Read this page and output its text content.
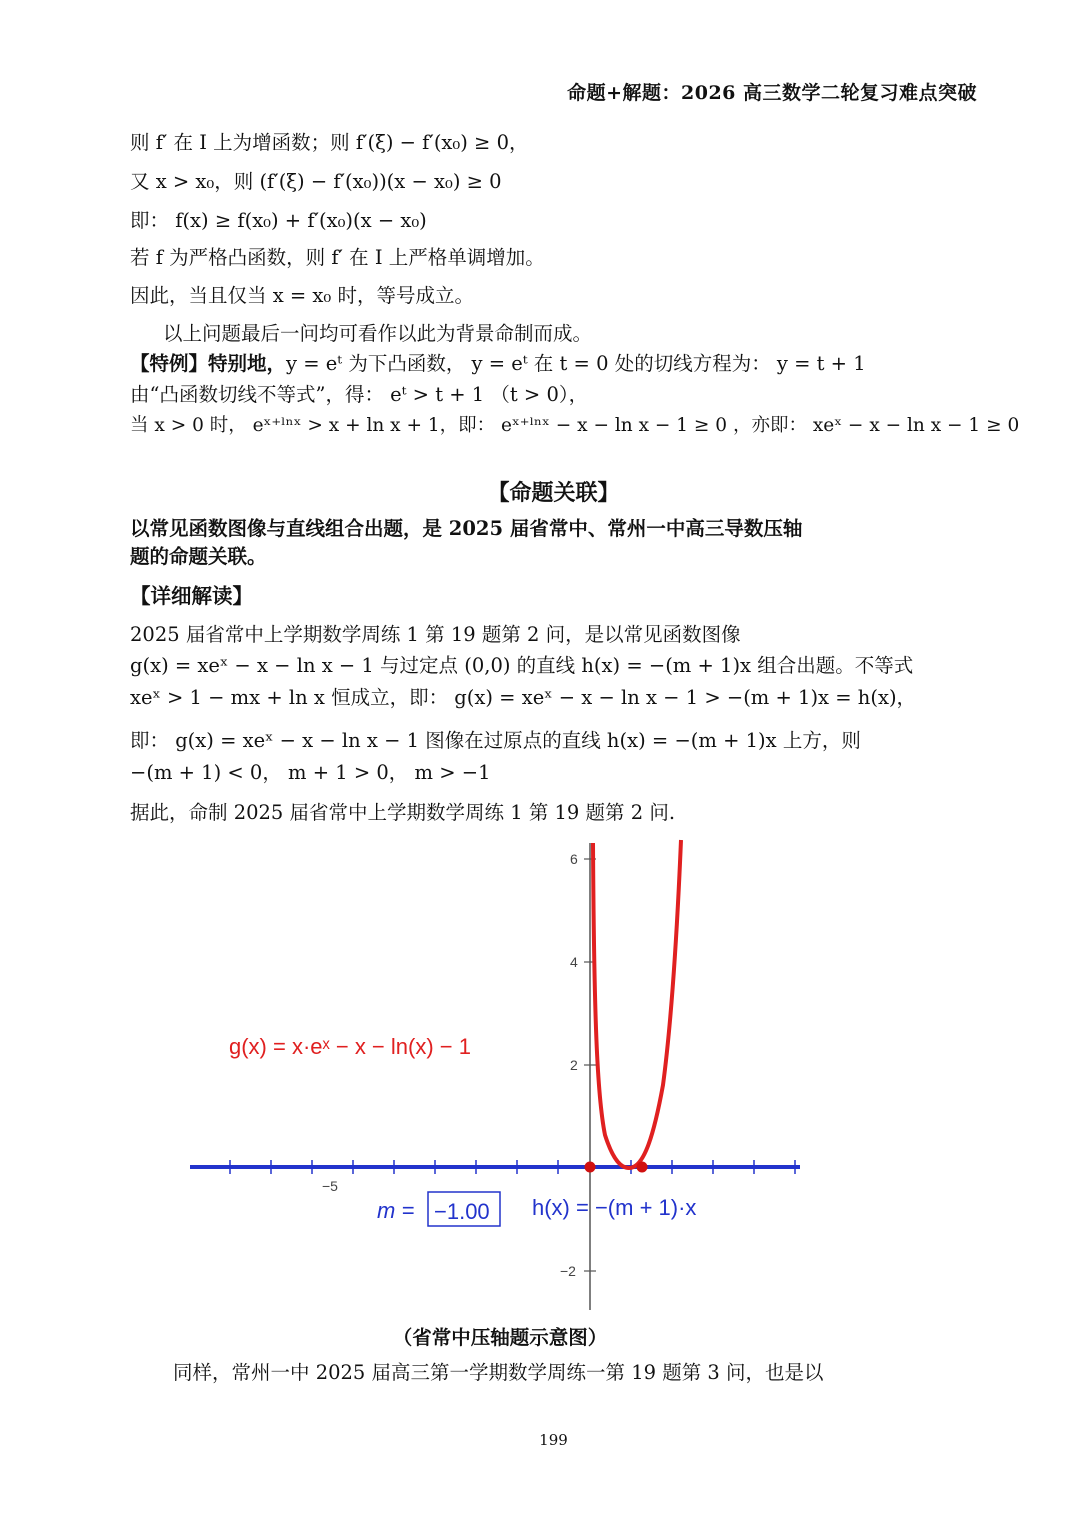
命题+解题：2026 高三数学二轮复习难点突破
则 f′ 在 I 上为增函数；则 f′(ξ) − f′(x₀) ≥ 0，
又 x > x₀，则 (f′(ξ) − f′(x₀))(x − x₀) ≥ 0
即： f(x) ≥ f(x₀) + f′(x₀)(x − x₀)
若 f 为严格凸函数，则 f′ 在 I 上严格单调增加。
因此，当且仅当 x = x₀ 时，等号成立。
以上问题最后一问均可看作以此为背景命制而成。
【特例】特别地，y = eᵗ 为下凸函数， y = eᵗ 在 t = 0 处的切线方程为： y = t + 1
由“凸函数切线不等式”，得： eᵗ > t + 1 （t > 0），
当 x > 0 时， eˣ⁺ˡⁿˣ > x + ln x + 1，即： eˣ⁺ˡⁿˣ − x − ln x − 1 ≥ 0 ，亦即： xeˣ − x − ln x − 1 ≥ 0
【命题关联】
以常见函数图像与直线组合出题，是 2025 届省常中、常州一中高三导数压轴
题的命题关联。
【详细解读】
2025 届省常中上学期数学周练 1 第 19 题第 2 问，是以常见函数图像
g(x) = xeˣ − x − ln x − 1 与过定点 (0,0) 的直线 h(x) = −(m + 1)x 组合出题。不等式
xeˣ > 1 − mx + ln x 恒成立，即： g(x) = xeˣ − x − ln x − 1 > −(m + 1)x = h(x)，
即： g(x) = xeˣ − x − ln x − 1 图像在过原点的直线 h(x) = −(m + 1)x 上方，则
−(m + 1) < 0， m + 1 > 0， m > −1
据此，命制 2025 届省常中上学期数学周练 1 第 19 题第 2 问.
6
4
2
−2
−5
g(x) = x·eˣ − x − ln(x) − 1
m = −1.00 h(x) = −(m + 1)·x
（省常中压轴题示意图）
同样，常州一中 2025 届高三第一学期数学周练一第 19 题第 3 问，也是以
199
